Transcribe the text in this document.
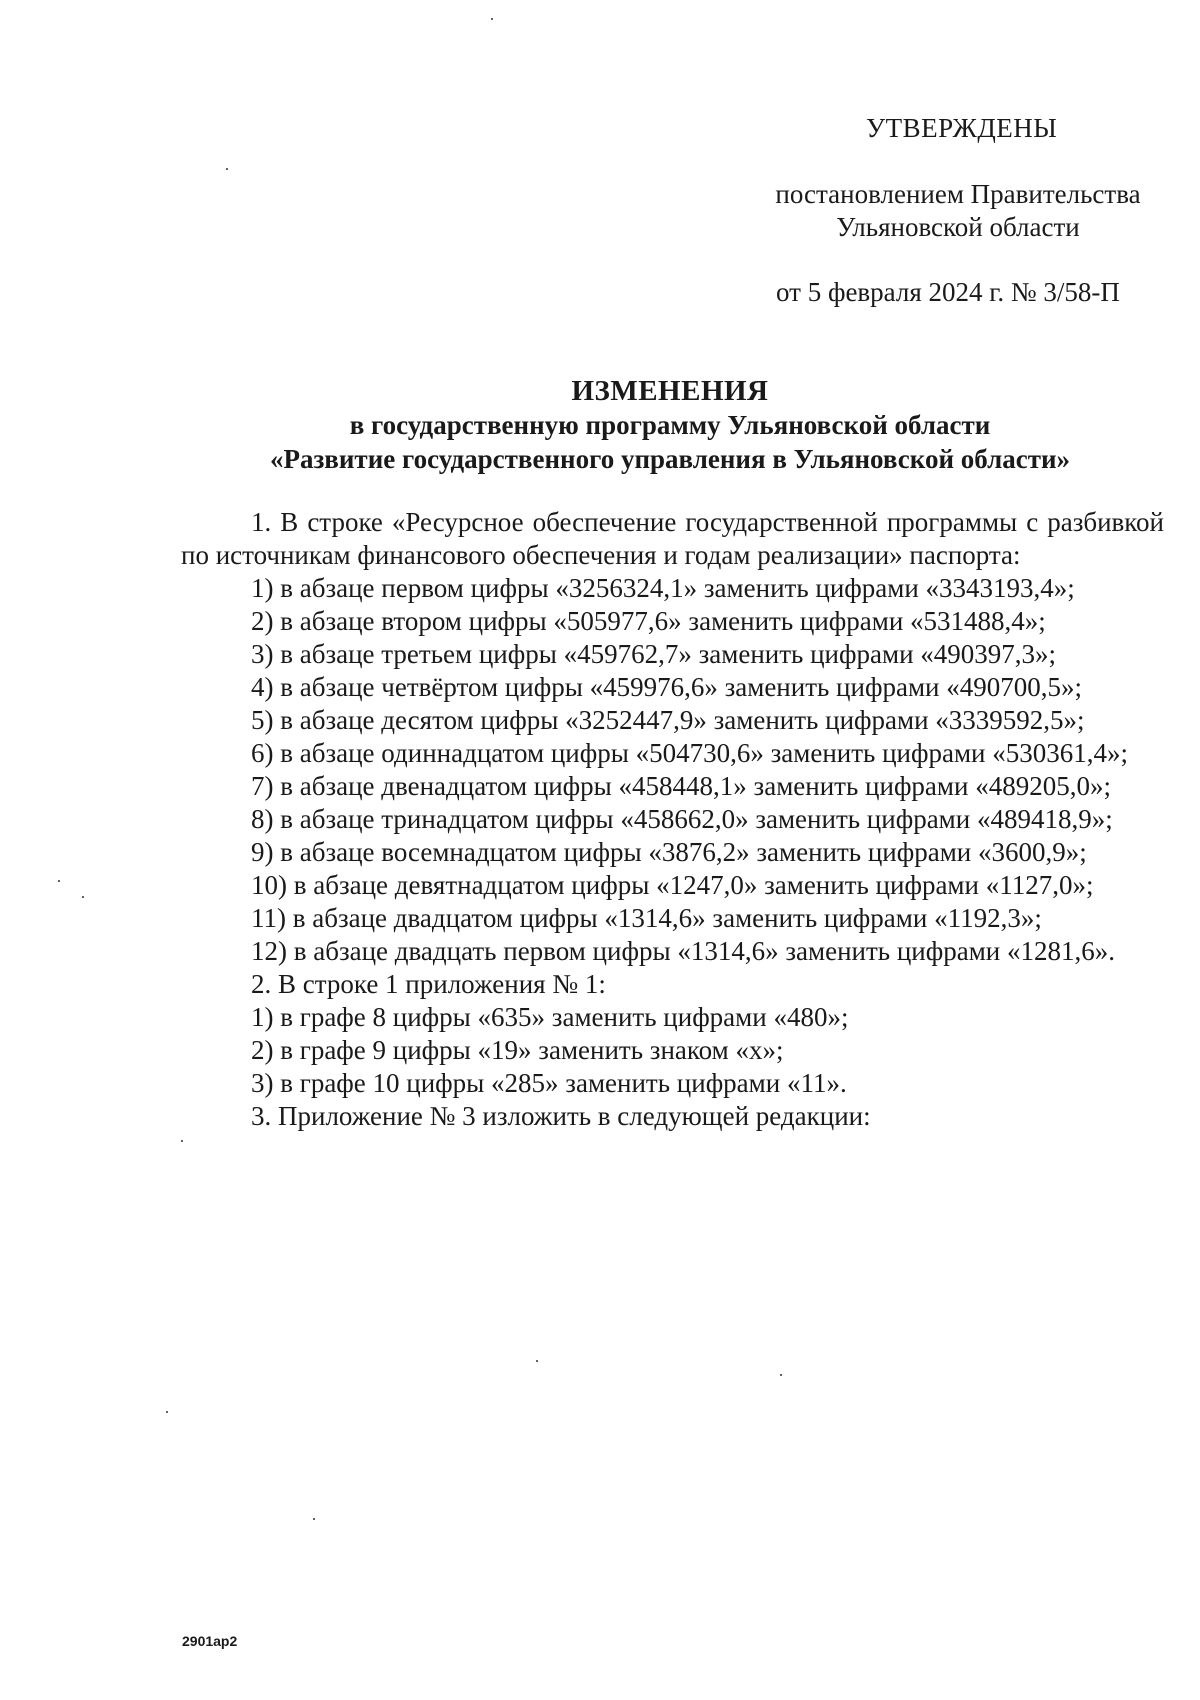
УТВЕРЖДЕНЫ
постановлением Правительства
Ульяновской области
от 5 февраля 2024 г. № 3/58-П
ИЗМЕНЕНИЯ
в государственную программу Ульяновской области
«Развитие государственного управления в Ульяновской области»

1. В строке «Ресурсное обеспечение государственной программы с разбивкой по источникам финансового обеспечения и годам реализации» паспорта:

1) в абзаце первом цифры «3256324,1» заменить цифрами «3343193,4»;

2) в абзаце втором цифры «505977,6» заменить цифрами «531488,4»;

3) в абзаце третьем цифры «459762,7» заменить цифрами «490397,3»;

4) в абзаце четвёртом цифры «459976,6» заменить цифрами «490700,5»;

5) в абзаце десятом цифры «3252447,9» заменить цифрами «3339592,5»;

6) в абзаце одиннадцатом цифры «504730,6» заменить цифрами «530361,4»;

7) в абзаце двенадцатом цифры «458448,1» заменить цифрами «489205,0»;

8) в абзаце тринадцатом цифры «458662,0» заменить цифрами «489418,9»;

9) в абзаце восемнадцатом цифры «3876,2» заменить цифрами «3600,9»;

10) в абзаце девятнадцатом цифры «1247,0» заменить цифрами «1127,0»;

11) в абзаце двадцатом цифры «1314,6» заменить цифрами «1192,3»;

12) в абзаце двадцать первом цифры «1314,6» заменить цифрами «1281,6».

2. В строке 1 приложения № 1:

1) в графе 8 цифры «635» заменить цифрами «480»;

2) в графе 9 цифры «19» заменить знаком «х»;

3) в графе 10 цифры «285» заменить цифрами «11».

3. Приложение № 3 изложить в следующей редакции:

2901ар2
